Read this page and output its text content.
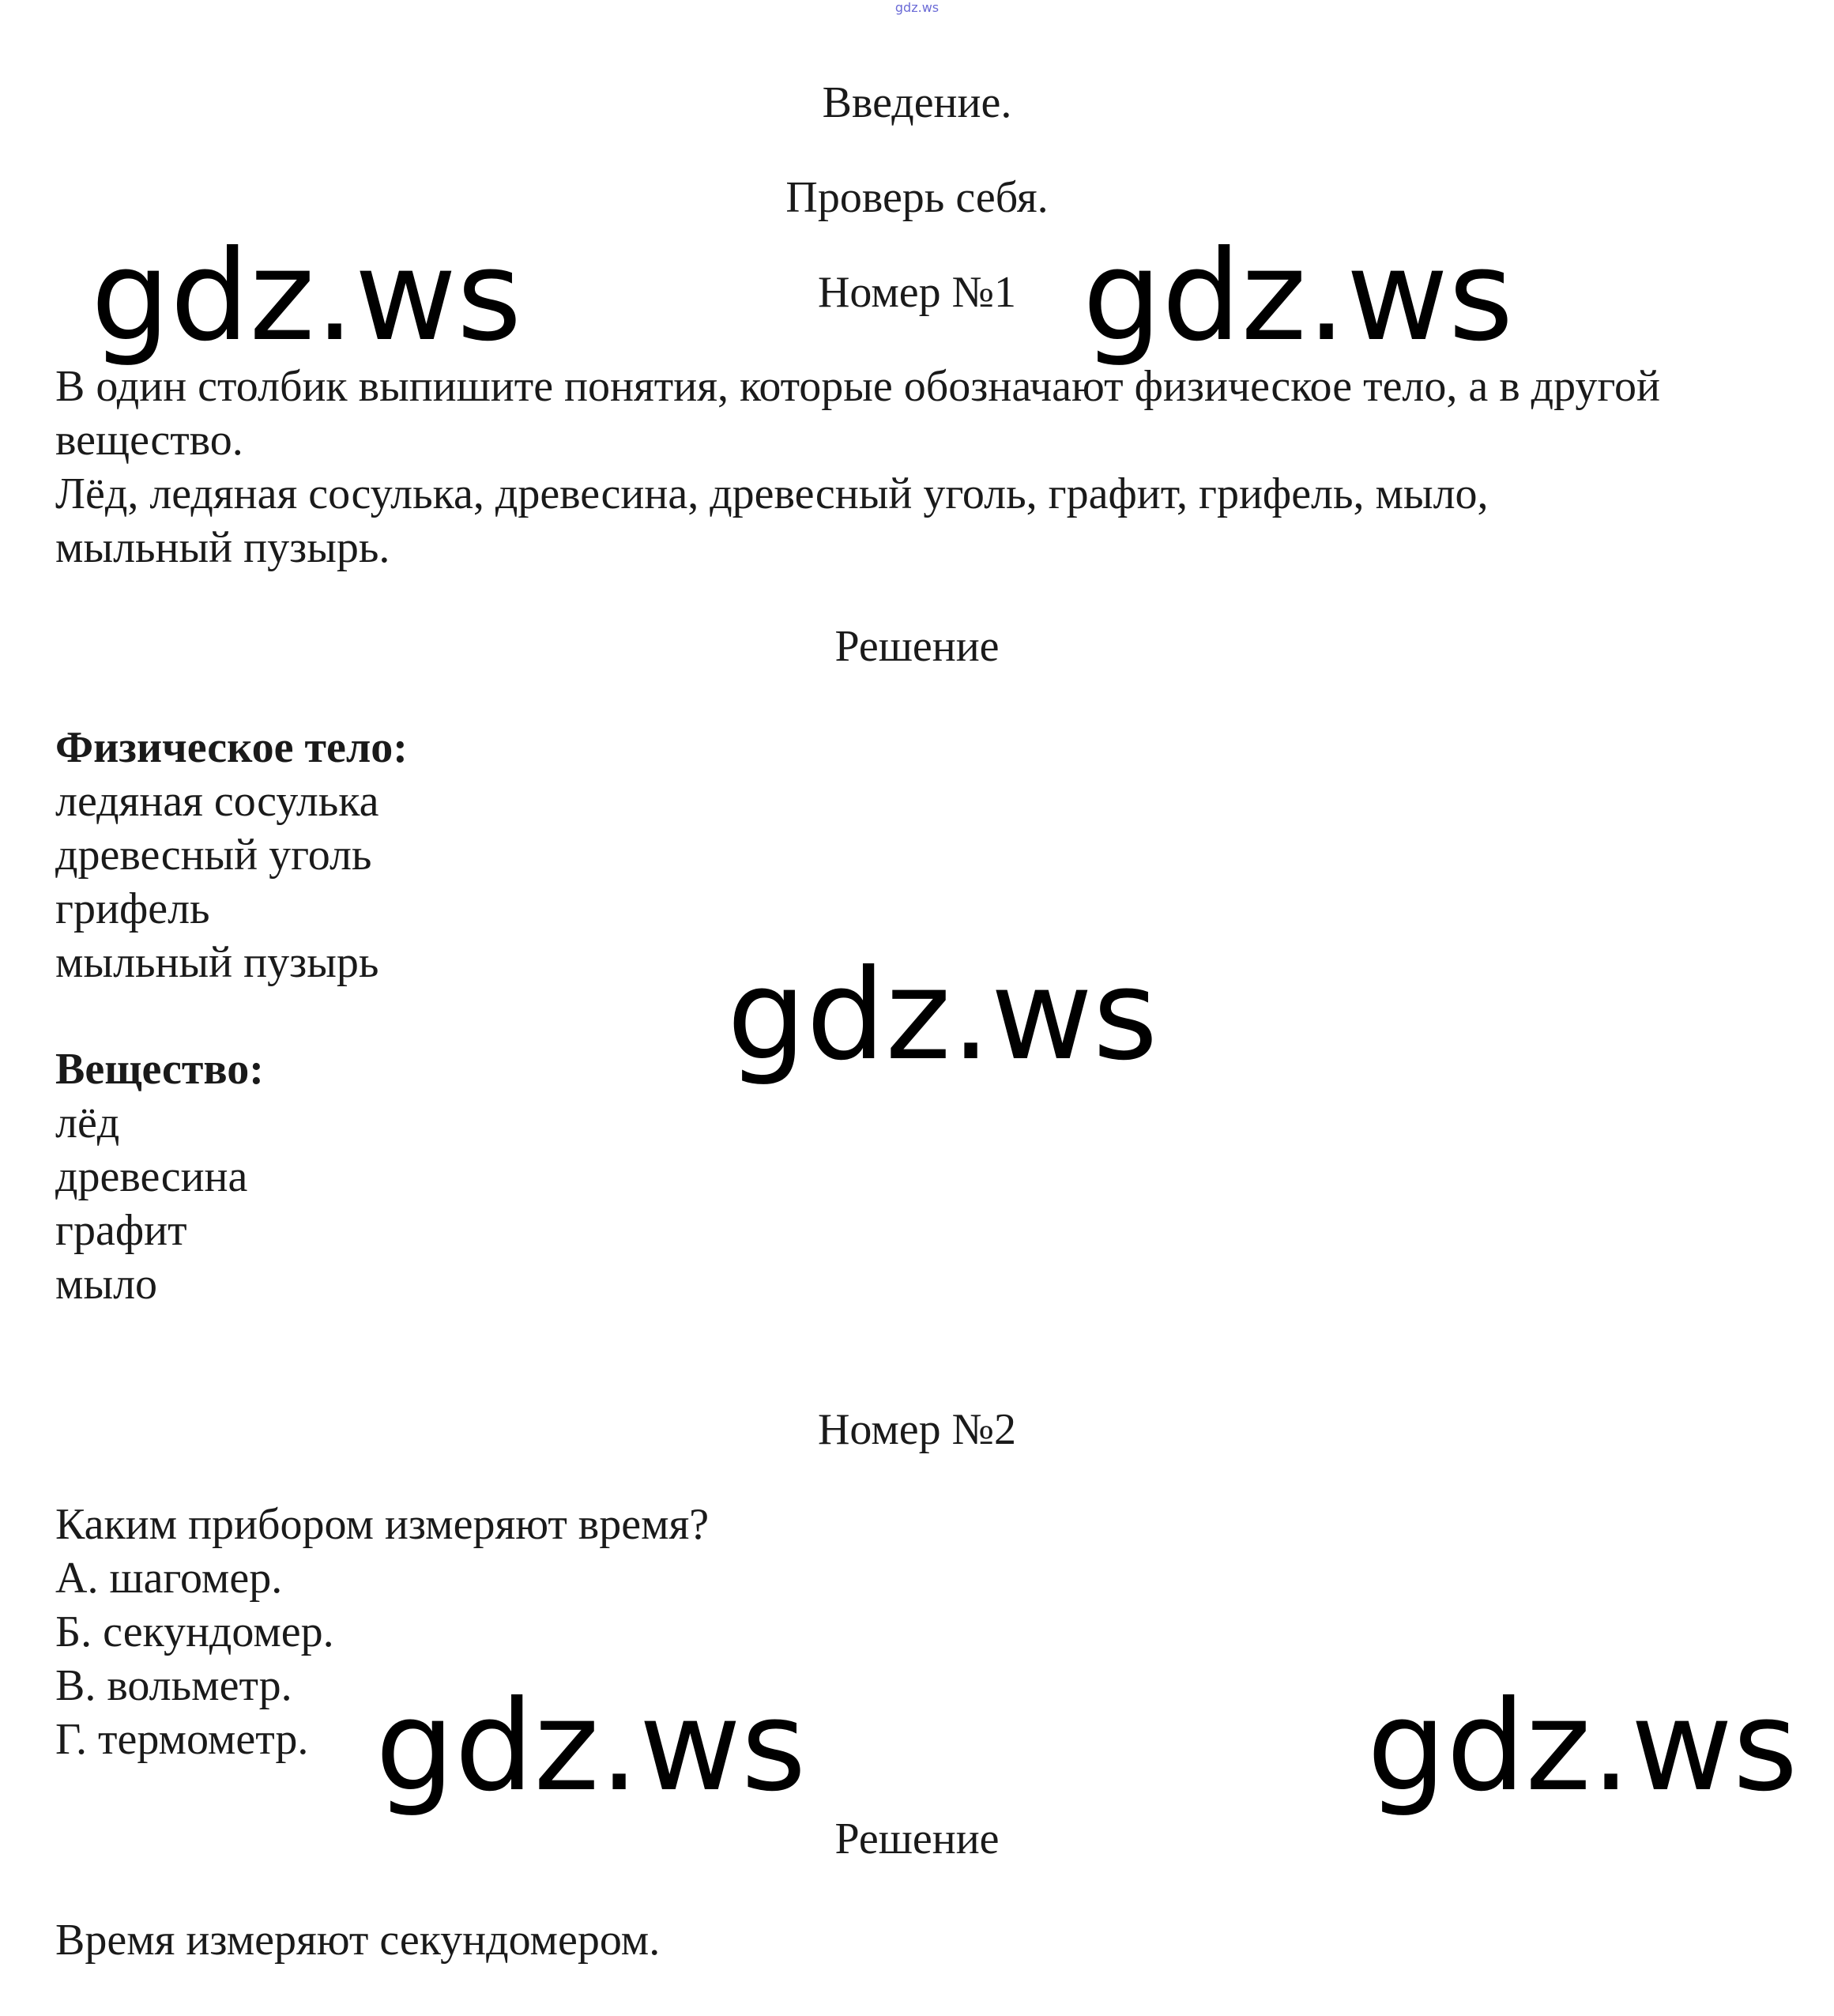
gdz.ws
Введение.
Проверь себя.
Номер №1
В один столбик выпишите понятия, которые обозначают физическое тело, а в другой
вещество.
Лёд, ледяная сосулька, древесина, древесный уголь, графит, грифель, мыло,
мыльный пузырь.
Решение
Физическое тело:
ледяная сосулька
древесный уголь
грифель
мыльный пузырь
Вещество:
лёд
древесина
графит
мыло
Номер №2
Каким прибором измеряют время?
А. шагомер.
Б. секундомер.
В. вольметр.
Г. термометр.
Решение
Время измеряют секундомером.
gdz.ws	gdz.ws
gdz.ws
gdz.ws	gdz.ws
